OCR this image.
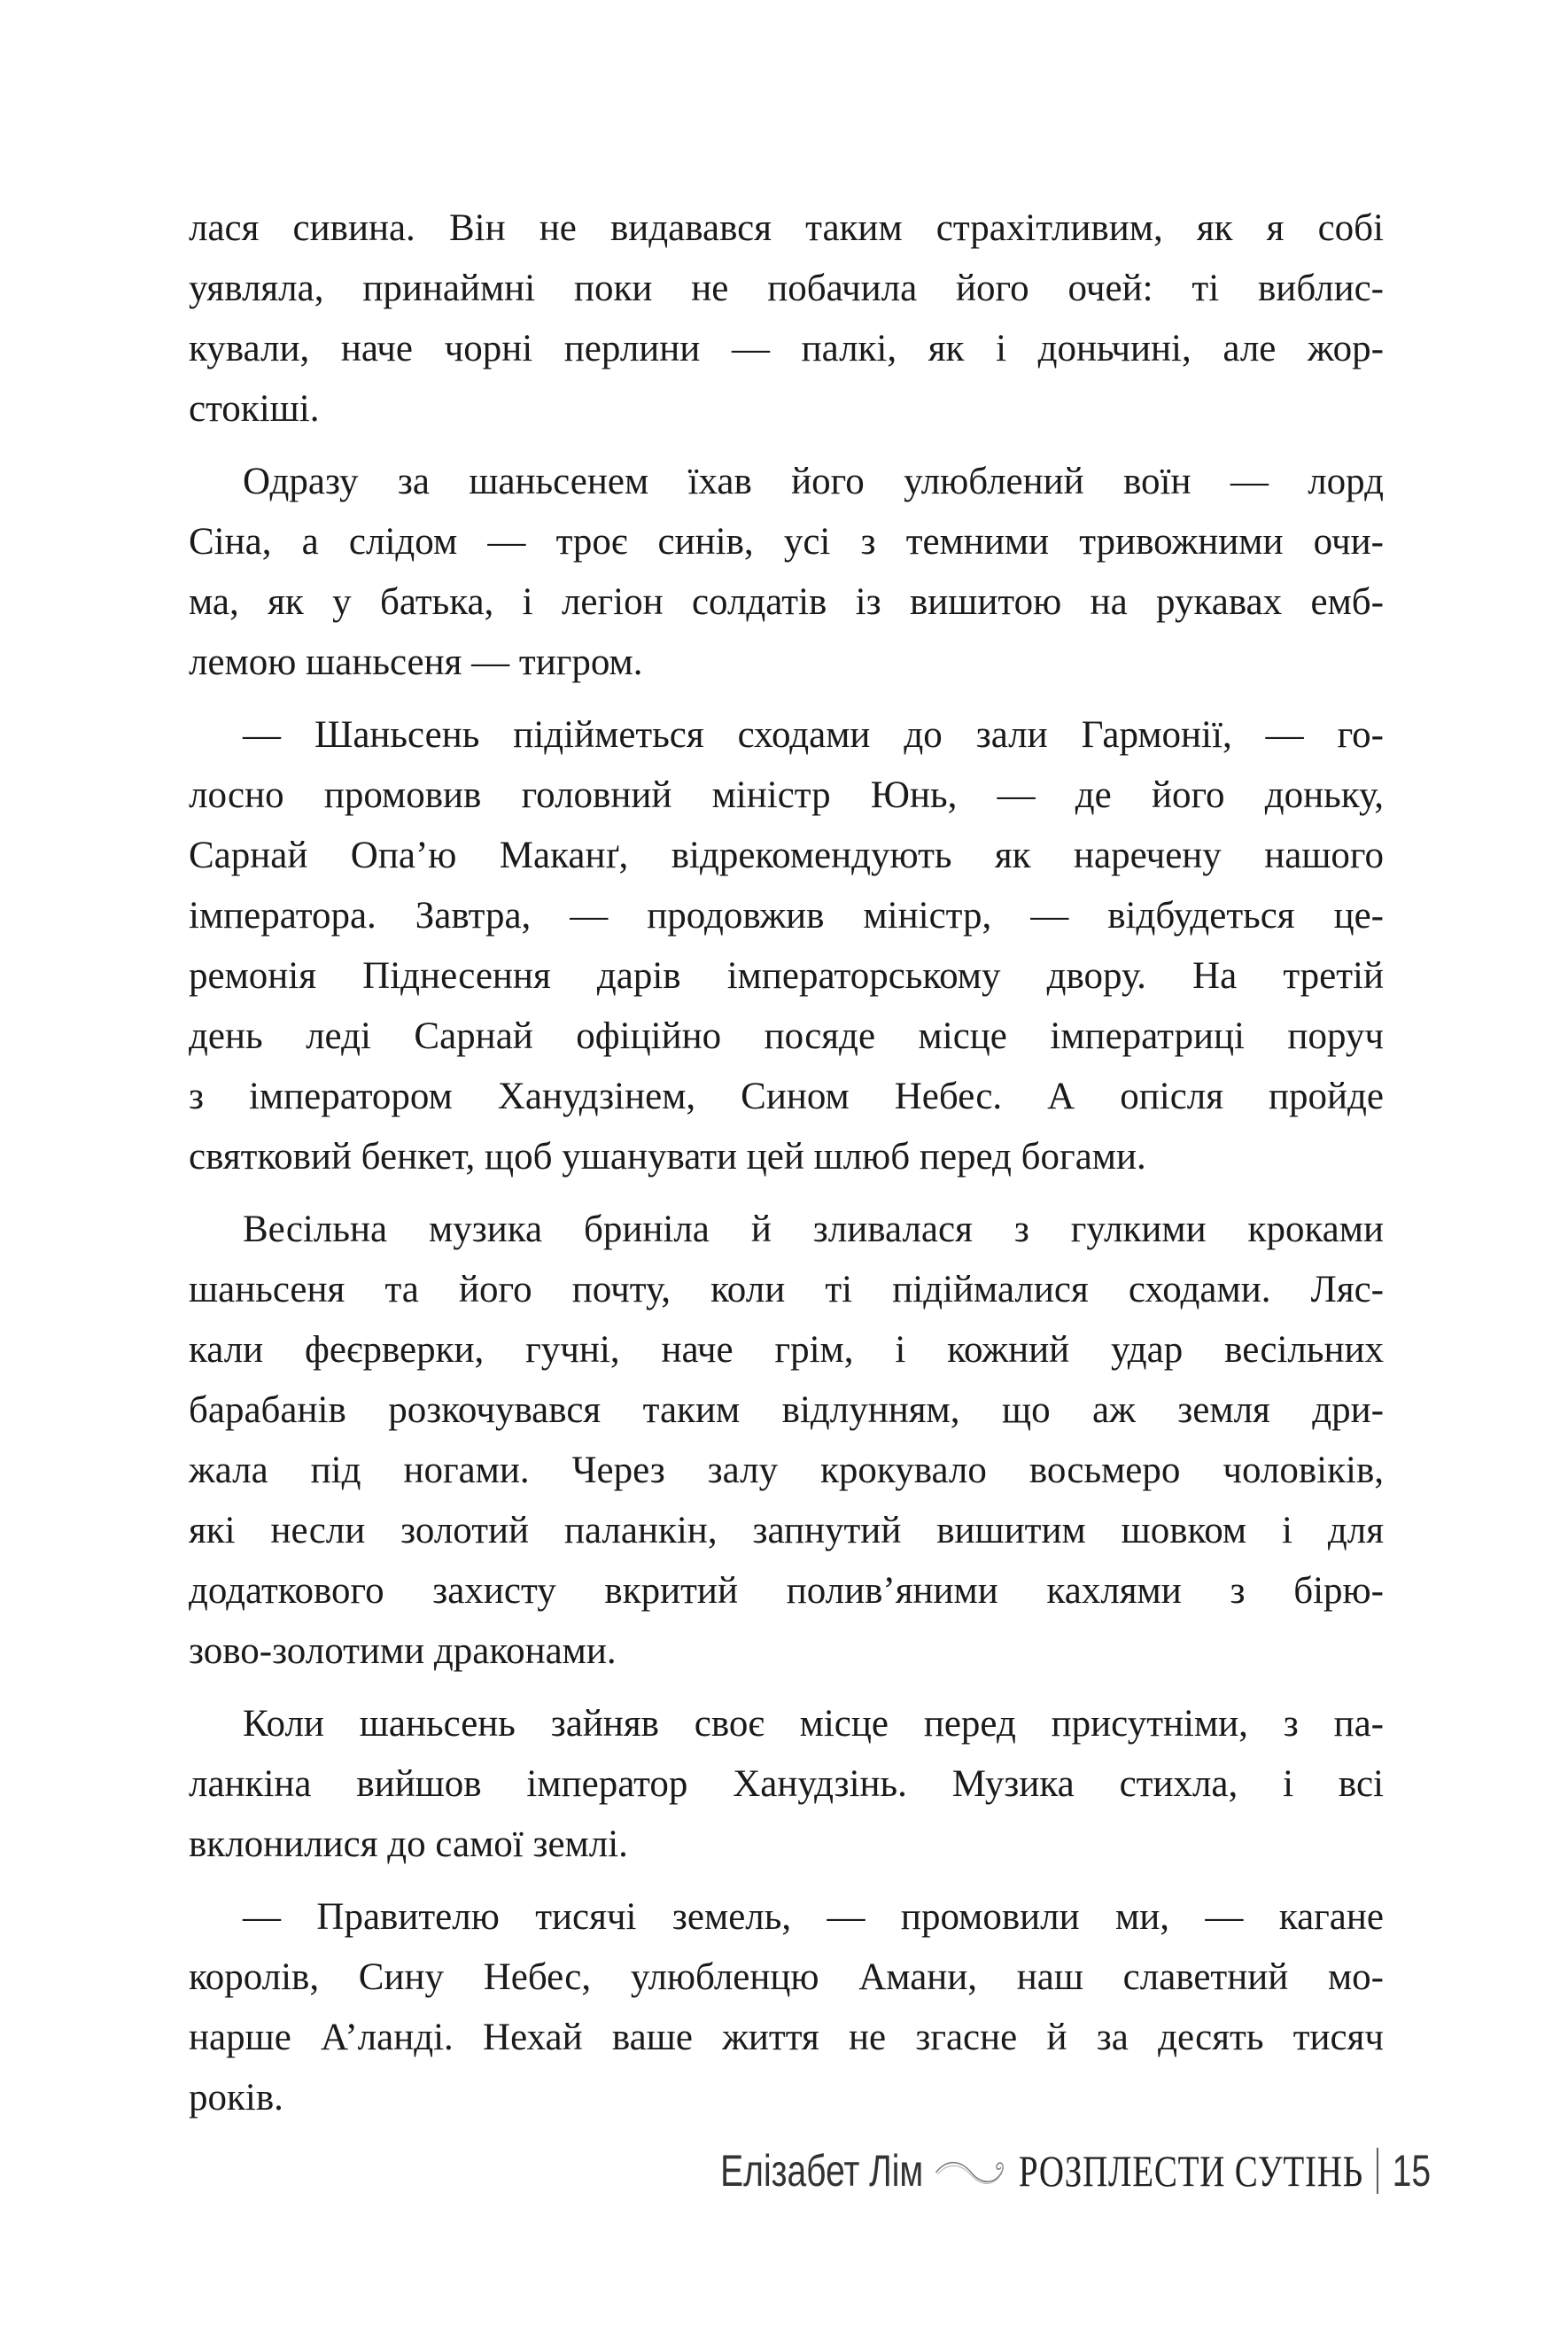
лася сивина. Він не видавався таким страхітливим, як я собі
уявляла, принаймні поки не побачила його очей: ті виблис-
кували, наче чорні перлини — палкі, як і доньчині, але жор-
стокіші.
Одразу за шаньсенем їхав його улюблений воїн — лорд
Сіна, а слідом — троє синів, усі з темними тривожними очи-
ма, як у батька, і легіон солдатів із вишитою на рукавах емб-
лемою шаньсеня — тигром.
— Шаньсень підійметься сходами до зали Гармонії, — го-
лосно промовив головний міністр Юнь, — де його доньку,
Сарнай Опа’ю Маканґ, відрекомендують як наречену нашого
імператора. Завтра, — продовжив міністр, — відбудеться це-
ремонія Піднесення дарів імператорському двору. На третій
день леді Сарнай офіційно посяде місце імператриці поруч
з імператором Ханудзінем, Сином Небес. А опісля пройде
святковий бенкет, щоб ушанувати цей шлюб перед богами.
Весільна музика бриніла й зливалася з гулкими кроками
шаньсеня та його почту, коли ті підіймалися сходами. Ляс-
кали феєрверки, гучні, наче грім, і кожний удар весільних
барабанів розкочувався таким відлунням, що аж земля дри-
жала під ногами. Через залу крокувало восьмеро чоловіків,
які несли золотий паланкін, запнутий вишитим шовком і для
додаткового захисту вкритий полив’яними кахлями з бірю-
зово-золотими драконами.
Коли шаньсень зайняв своє місце перед присутніми, з па-
ланкіна вийшов імператор Ханудзінь. Музика стихла, і всі
вклонилися до самої землі.
— Правителю тисячі земель, — промовили ми, — кагане
королів, Сину Небес, улюбленцю Амани, наш славетний мо-
нарше А’ланді. Нехай ваше життя не згасне й за десять тисяч
років.
Елізабет Лім РОЗПЛЕСТИ СУТІНЬ 15
